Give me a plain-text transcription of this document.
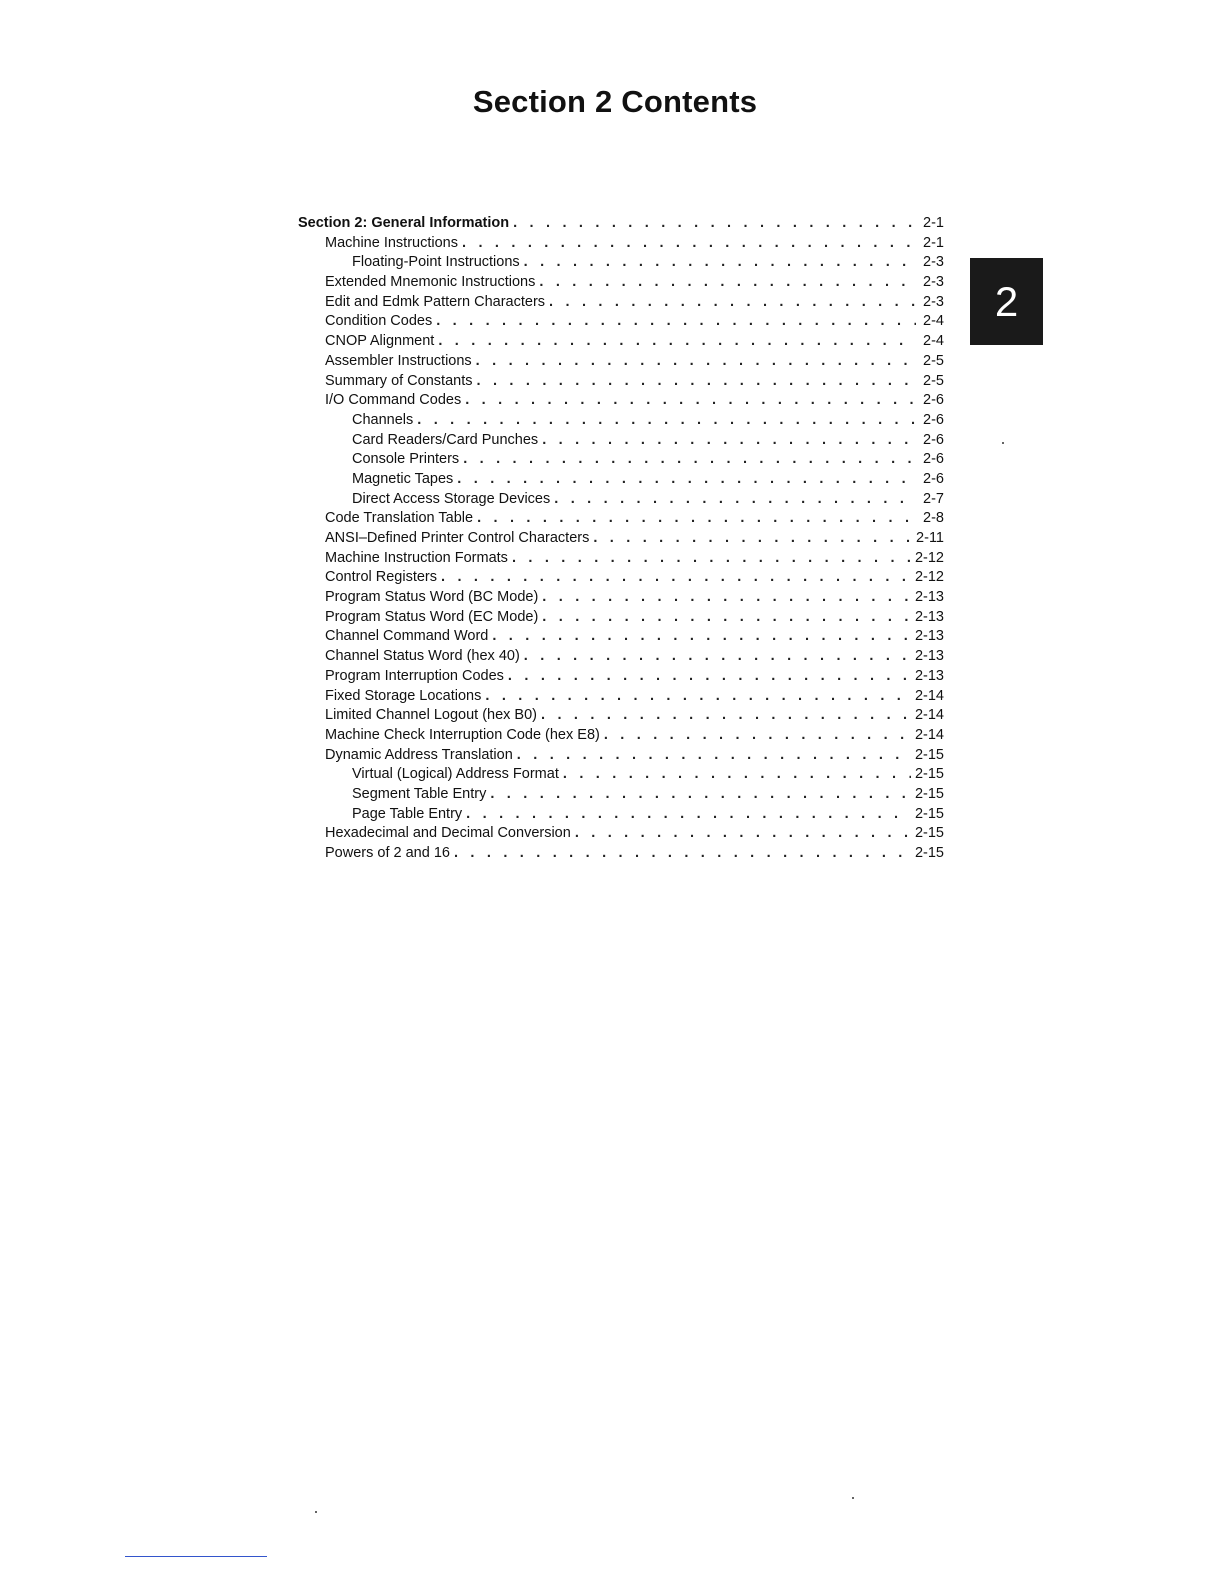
Section 2 Contents
Section 2: General Information . . .	2-1
Machine Instructions . . .	2-1
Floating-Point Instructions . . .	2-3
Extended Mnemonic Instructions . . .	2-3
Edit and Edmk Pattern Characters . . .	2-3
Condition Codes . . .	2-4
CNOP Alignment . . .	2-4
Assembler Instructions . . .	2-5
Summary of Constants . . .	2-5
I/O Command Codes . . .	2-6
Channels . . .	2-6
Card Readers/Card Punches . . .	2-6
Console Printers . . .	2-6
Magnetic Tapes . . .	2-6
Direct Access Storage Devices . . .	2-7
Code Translation Table . . .	2-8
ANSI–Defined Printer Control Characters . . .	2-11
Machine Instruction Formats . . .	2-12
Control Registers . . .	2-12
Program Status Word (BC Mode) . . .	2-13
Program Status Word (EC Mode) . . .	2-13
Channel Command Word . . .	2-13
Channel Status Word (hex 40) . . .	2-13
Program Interruption Codes . . .	2-13
Fixed Storage Locations . . .	2-14
Limited Channel Logout (hex B0) . . .	2-14
Machine Check Interruption Code (hex E8) . . .	2-14
Dynamic Address Translation . . .	2-15
Virtual (Logical) Address Format . . .	2-15
Segment Table Entry . . .	2-15
Page Table Entry . . .	2-15
Hexadecimal and Decimal Conversion . . .	2-15
Powers of 2 and 16 . . .	2-15
2
